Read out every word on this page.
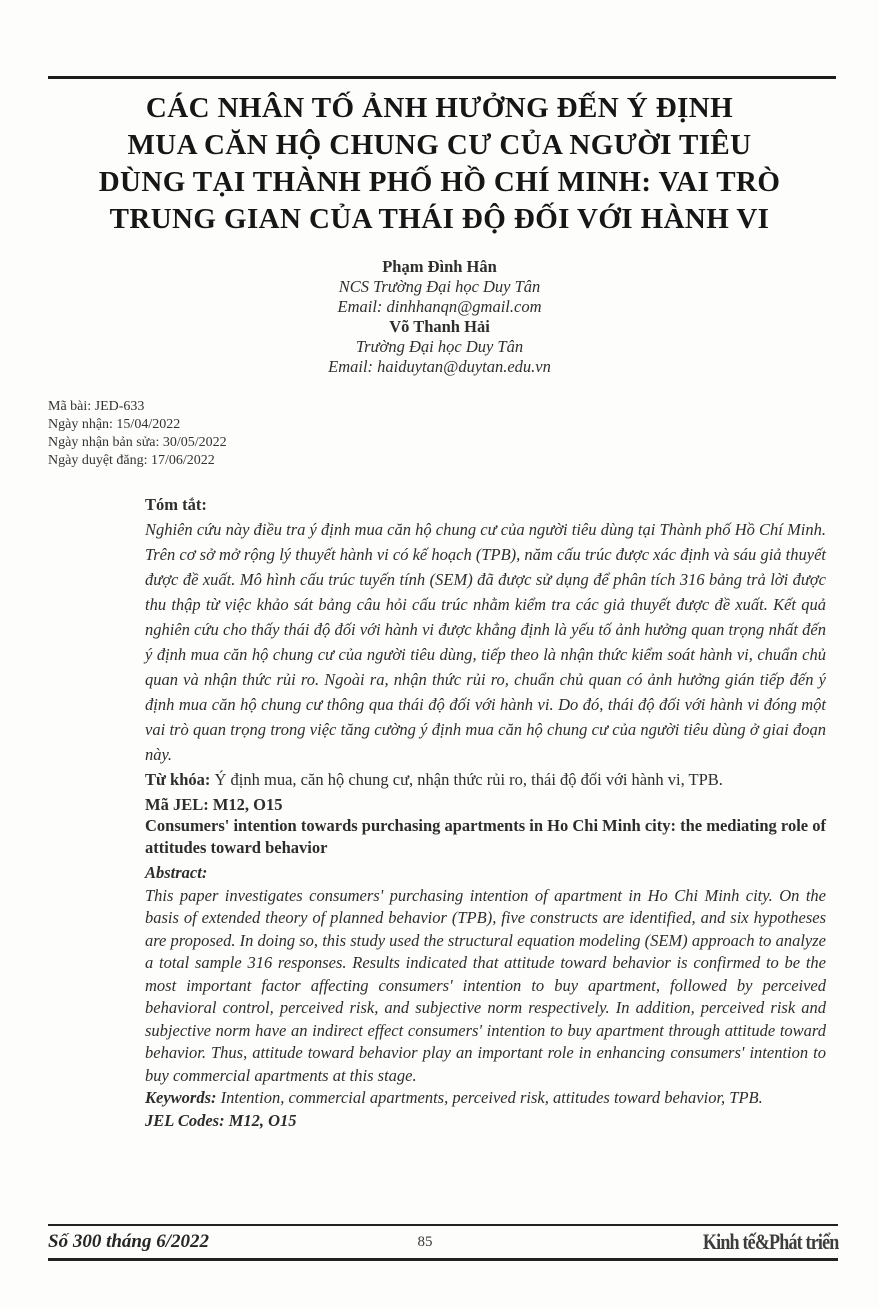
CÁC NHÂN TỐ ẢNH HƯỞNG ĐẾN Ý ĐỊNH
MUA CĂN HỘ CHUNG CƯ CỦA NGƯỜI TIÊU
DÙNG TẠI THÀNH PHỐ HỒ CHÍ MINH: VAI TRÒ
TRUNG GIAN CỦA THÁI ĐỘ ĐỐI VỚI HÀNH VI
Phạm Đình Hân
NCS Trường Đại học Duy Tân
Email: dinhhanqn@gmail.com
Võ Thanh Hải
Trường Đại học Duy Tân
Email: haiduytan@duytan.edu.vn
Mã bài: JED-633
Ngày nhận: 15/04/2022
Ngày nhận bản sửa: 30/05/2022
Ngày duyệt đăng: 17/06/2022
Tóm tắt:
Nghiên cứu này điều tra ý định mua căn hộ chung cư của người tiêu dùng tại Thành phố Hồ Chí Minh. Trên cơ sở mở rộng lý thuyết hành vi có kế hoạch (TPB), năm cấu trúc được xác định và sáu giả thuyết được đề xuất. Mô hình cấu trúc tuyến tính (SEM) đã được sử dụng để phân tích 316 bảng trả lời được thu thập từ việc khảo sát bảng câu hỏi cấu trúc nhằm kiểm tra các giả thuyết được đề xuất. Kết quả nghiên cứu cho thấy thái độ đối với hành vi được khẳng định là yếu tố ảnh hưởng quan trọng nhất đến ý định mua căn hộ chung cư của người tiêu dùng, tiếp theo là nhận thức kiểm soát hành vi, chuẩn chủ quan và nhận thức rủi ro. Ngoài ra, nhận thức rủi ro, chuẩn chủ quan có ảnh hưởng gián tiếp đến ý định mua căn hộ chung cư thông qua thái độ đối với hành vi. Do đó, thái độ đối với hành vi đóng một vai trò quan trọng trong việc tăng cường ý định mua căn hộ chung cư của người tiêu dùng ở giai đoạn này.
Từ khóa: Ý định mua, căn hộ chung cư, nhận thức rủi ro, thái độ đối với hành vi, TPB.
Mã JEL: M12, O15
Consumers' intention towards purchasing apartments in Ho Chi Minh city: the mediating role of attitudes toward behavior
Abstract:
This paper investigates consumers' purchasing intention of apartment in Ho Chi Minh city. On the basis of extended theory of planned behavior (TPB), five constructs are identified, and six hypotheses are proposed. In doing so, this study used the structural equation modeling (SEM) approach to analyze a total sample 316 responses. Results indicated that attitude toward behavior is confirmed to be the most important factor affecting consumers' intention to buy apartment, followed by perceived behavioral control, perceived risk, and subjective norm respectively. In addition, perceived risk and subjective norm have an indirect effect consumers' intention to buy apartment through attitude toward behavior. Thus, attitude toward behavior play an important role in enhancing consumers' intention to buy commercial apartments at this stage.
Keywords: Intention, commercial apartments, perceived risk, attitudes toward behavior, TPB.
JEL Codes: M12, O15
Số 300 tháng 6/2022	85	Kinh tế&Phát triển
